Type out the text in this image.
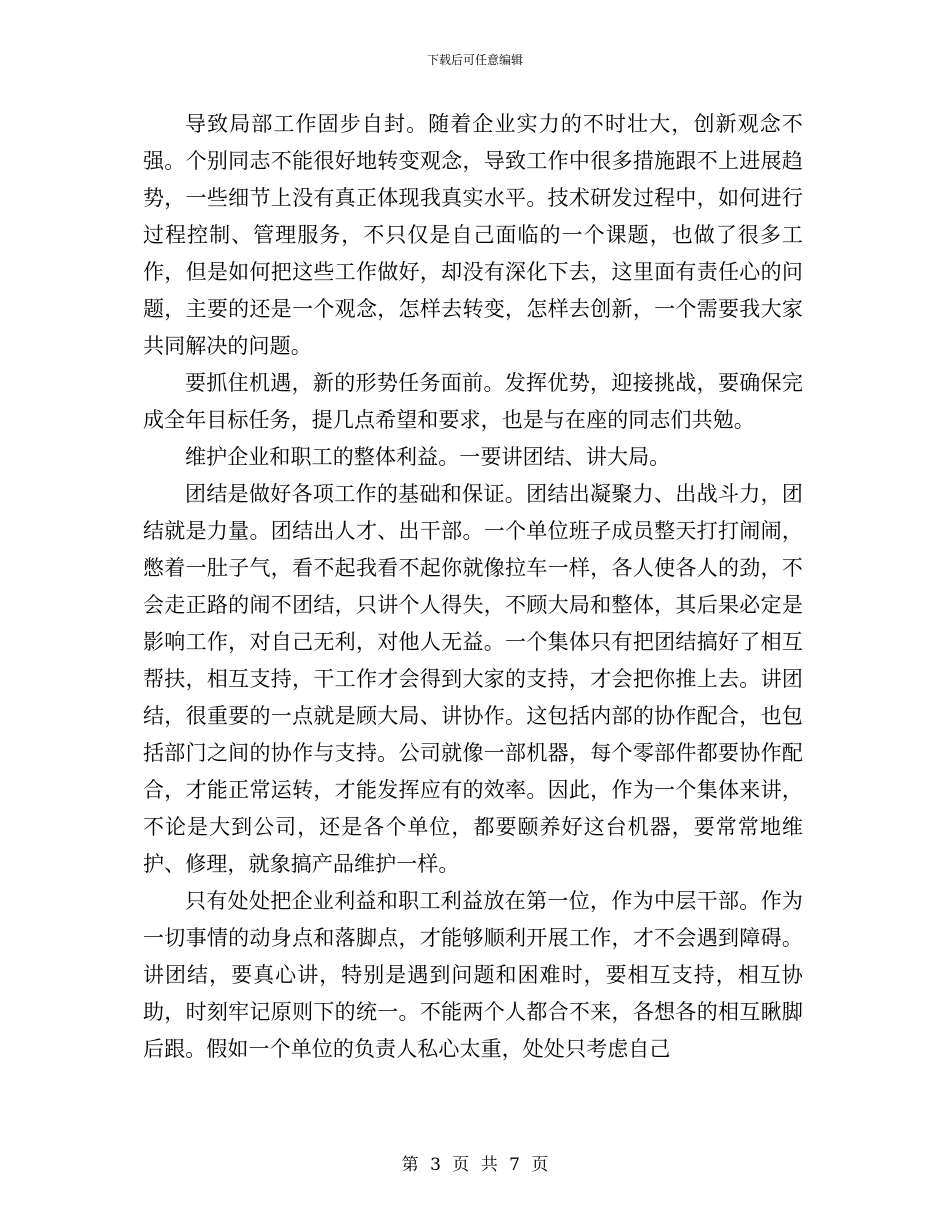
下载后可任意编辑

导致局部工作固步自封。随着企业实力的不时壮大，创新观念不强。个别同志不能很好地转变观念，导致工作中很多措施跟不上进展趋势，一些细节上没有真正体现我真实水平。技术研发过程中，如何进行过程控制、管理服务，不只仅是自己面临的一个课题，也做了很多工作，但是如何把这些工作做好，却没有深化下去，这里面有责任心的问题，主要的还是一个观念，怎样去转变，怎样去创新，一个需要我大家共同解决的问题。

要抓住机遇，新的形势任务面前。发挥优势，迎接挑战，要确保完成全年目标任务，提几点希望和要求，也是与在座的同志们共勉。

维护企业和职工的整体利益。一要讲团结、讲大局。

团结是做好各项工作的基础和保证。团结出凝聚力、出战斗力，团结就是力量。团结出人才、出干部。一个单位班子成员整天打打闹闹，憋着一肚子气，看不起我看不起你就像拉车一样，各人使各人的劲，不会走正路的闹不团结，只讲个人得失，不顾大局和整体，其后果必定是影响工作，对自己无利，对他人无益。一个集体只有把团结搞好了相互帮扶，相互支持，干工作才会得到大家的支持，才会把你推上去。讲团结，很重要的一点就是顾大局、讲协作。这包括内部的协作配合，也包括部门之间的协作与支持。公司就像一部机器，每个零部件都要协作配合，才能正常运转，才能发挥应有的效率。因此，作为一个集体来讲，不论是大到公司，还是各个单位，都要颐养好这台机器，要常常地维护、修理，就象搞产品维护一样。

只有处处把企业利益和职工利益放在第一位，作为中层干部。作为一切事情的动身点和落脚点，才能够顺利开展工作，才不会遇到障碍。讲团结，要真心讲，特别是遇到问题和困难时，要相互支持，相互协助，时刻牢记原则下的统一。不能两个人都合不来，各想各的相互瞅脚后跟。假如一个单位的负责人私心太重，处处只考虑自己

第 3 页 共 7 页
